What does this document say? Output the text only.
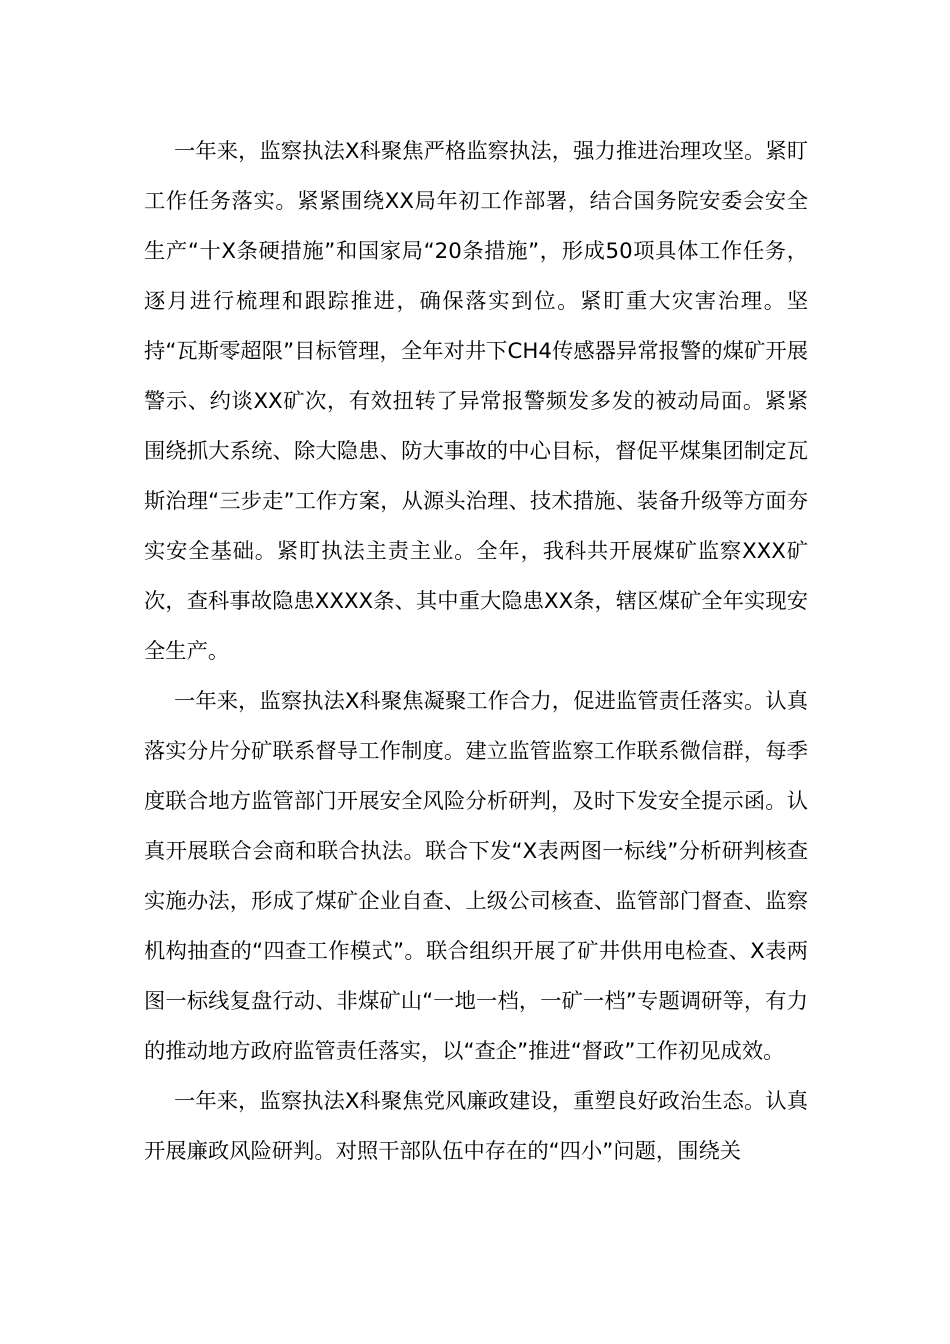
一年来，监察执法X科聚焦严格监察执法，强力推进治理攻坚。紧盯工作任务落实。紧紧围绕XX局年初工作部署，结合国务院安委会安全生产“十X条硬措施”和国家局“20条措施”，形成50项具体工作任务，逐月进行梳理和跟踪推进，确保落实到位。紧盯重大灾害治理。坚持“瓦斯零超限”目标管理，全年对井下CH4传感器异常报警的煤矿开展警示、约谈XX矿次，有效扭转了异常报警频发多发的被动局面。紧紧围绕抓大系统、除大隐患、防大事故的中心目标，督促平煤集团制定瓦斯治理“三步走”工作方案，从源头治理、技术措施、装备升级等方面夯实安全基础。紧盯执法主责主业。全年，我科共开展煤矿监察XXX矿次，查科事故隐患XXXX条、其中重大隐患XX条，辖区煤矿全年实现安全生产。

一年来，监察执法X科聚焦凝聚工作合力，促进监管责任落实。认真落实分片分矿联系督导工作制度。建立监管监察工作联系微信群，每季度联合地方监管部门开展安全风险分析研判，及时下发安全提示函。认真开展联合会商和联合执法。联合下发“X表两图一标线”分析研判核查实施办法，形成了煤矿企业自查、上级公司核查、监管部门督查、监察机构抽查的“四查工作模式”。联合组织开展了矿井供用电检查、X表两图一标线复盘行动、非煤矿山“一地一档，一矿一档”专题调研等，有力的推动地方政府监管责任落实，以“查企”推进“督政”工作初见成效。

一年来，监察执法X科聚焦党风廉政建设，重塑良好政治生态。认真开展廉政风险研判。对照干部队伍中存在的“四小”问题，围绕关
